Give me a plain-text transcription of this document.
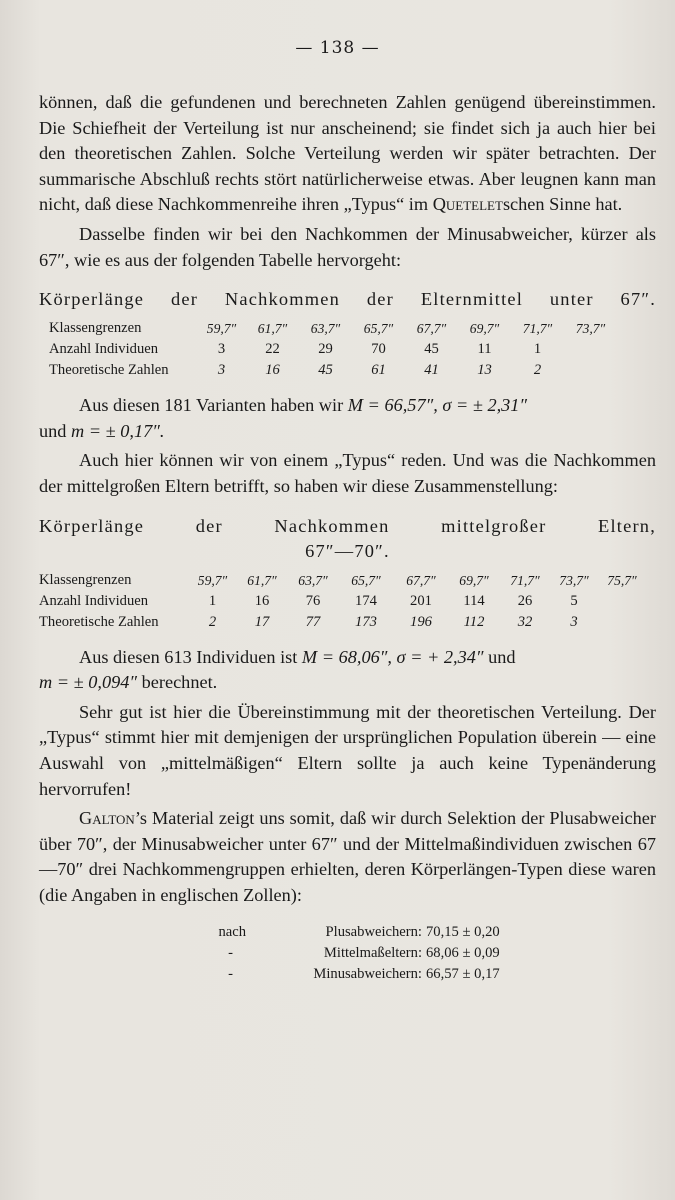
— 138 —

können, daß die gefundenen und berechneten Zahlen genügend übereinstimmen. Die Schiefheit der Verteilung ist nur anscheinend; sie findet sich ja auch hier bei den theoretischen Zahlen. Solche Verteilung werden wir später betrachten. Der summarische Abschluß rechts stört natürlicherweise etwas. Aber leugnen kann man nicht, daß diese Nachkommenreihe ihren „Typus“ im Queteletschen Sinne hat.

Dasselbe finden wir bei den Nachkommen der Minusabweicher, kürzer als 67″, wie es aus der folgenden Tabelle hervorgeht:

Körperlänge der Nachkommen der Elternmittel unter 67″.
Klassengrenzen	59,7″	61,7″	63,7″	65,7″	67,7″	69,7″	71,7″	73,7″
Anzahl Individuen	3	22	29	70	45	11	1	
Theoretische Zahlen	3	16	45	61	41	13	2	

Aus diesen 181 Varianten haben wir M = 66,57″, σ = ± 2,31″
und m = ± 0,17″.

Auch hier können wir von einem „Typus“ reden. Und was die Nachkommen der mittelgroßen Eltern betrifft, so haben wir diese Zusammenstellung:

Körperlänge der Nachkommen mittelgroßer Eltern,
67″—70″.
Klassengrenzen	59,7″	61,7″	63,7″	65,7″	67,7″	69,7″	71,7″	73,7″	75,7″
Anzahl Individuen	1	16	76	174	201	114	26	5	
Theoretische Zahlen	2	17	77	173	196	112	32	3	

Aus diesen 613 Individuen ist M = 68,06″, σ = + 2,34″ und
m = ± 0,094″ berechnet.

Sehr gut ist hier die Übereinstimmung mit der theoretischen Verteilung. Der „Typus“ stimmt hier mit demjenigen der ursprünglichen Population überein — eine Auswahl von „mittelmäßigen“ Eltern sollte ja auch keine Typenänderung hervorrufen!

Galton’s Material zeigt uns somit, daß wir durch Selektion der Plusabweicher über 70″, der Minusabweicher unter 67″ und der Mittelmaßindividuen zwischen 67—70″ drei Nachkommengruppen erhielten, deren Körperlängen-Typen diese waren (die Angaben in englischen Zollen):

nach	Plusabweichern: 70,15 ± 0,20
-	Mittelmaßeltern: 68,06 ± 0,09
-	Minusabweichern: 66,57 ± 0,17
